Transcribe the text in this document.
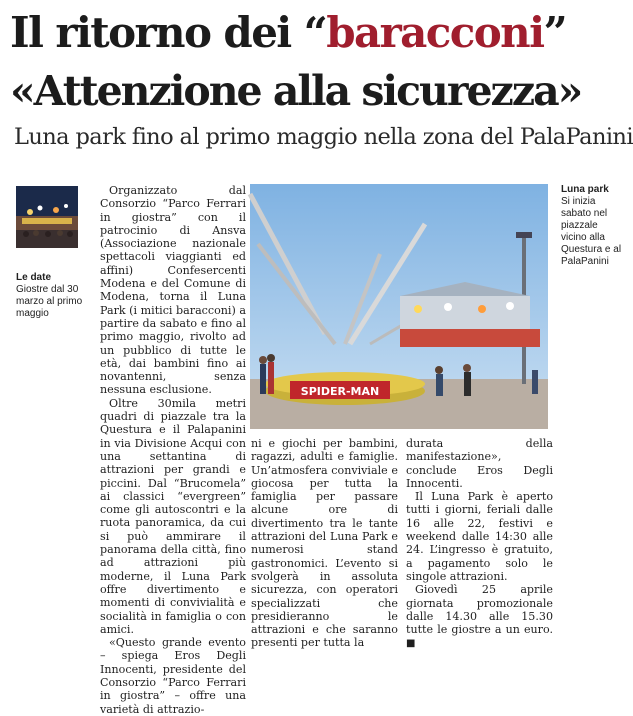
Il ritorno dei “baracconi”
«Attenzione alla sicurezza»
Luna park fino al primo maggio nella zona del PalaPanini
Le date
Giostre dal 30 marzo al primo maggio
Luna park
Si inizia sabato nel piazzale vicino alla Questura e al PalaPanini

Organizzato dal Consorzio “Parco Ferrari in giostra” con il patrocinio di Ansva (Associazione nazionale spettacoli viaggianti ed affini) Confesercenti Modena e del Comune di Modena, torna il Luna Park (i mitici baracconi) a partire da sabato e fino al primo maggio, rivolto ad un pubblico di tutte le età, dai bambini fino ai novantenni, senza nessuna esclusione.

Oltre 30mila metri quadri di piazzale tra la Questura e il Palapanini in via Divisione Acqui con una settantina di attrazioni per grandi e piccini. Dal “Brucomela” ai classici “evergreen” come gli autoscontri e la ruota panoramica, da cui si può ammirare il panorama della città, fino ad attrazioni più moderne, il Luna Park offre divertimento e momenti di convivialità e socialità in famiglia o con amici.

«Questo grande evento – spiega Eros Degli Innocenti, presidente del Consorzio “Parco Ferrari in giostra” – offre una varietà di attrazio-

SPIDER-MAN

ni e giochi per bambini, ragazzi, adulti e famiglie. Un’atmosfera conviviale e giocosa per tutta la famiglia per passare alcune ore di divertimento tra le tante attrazioni del Luna Park e numerosi stand gastronomici. L’evento si svolgerà in assoluta sicurezza, con operatori specializzati che presidieranno le attrazioni e che saranno presenti per tutta la

durata della manifestazione», conclude Eros Degli Innocenti.

Il Luna Park è aperto tutti i giorni, feriali dalle 16 alle 22, festivi e weekend dalle 14:30 alle 24. L’ingresso è gratuito, a pagamento solo le singole attrazioni.

Giovedì 25 aprile giornata promozionale dalle 14.30 alle 15.30 tutte le giostre a un euro. ■
